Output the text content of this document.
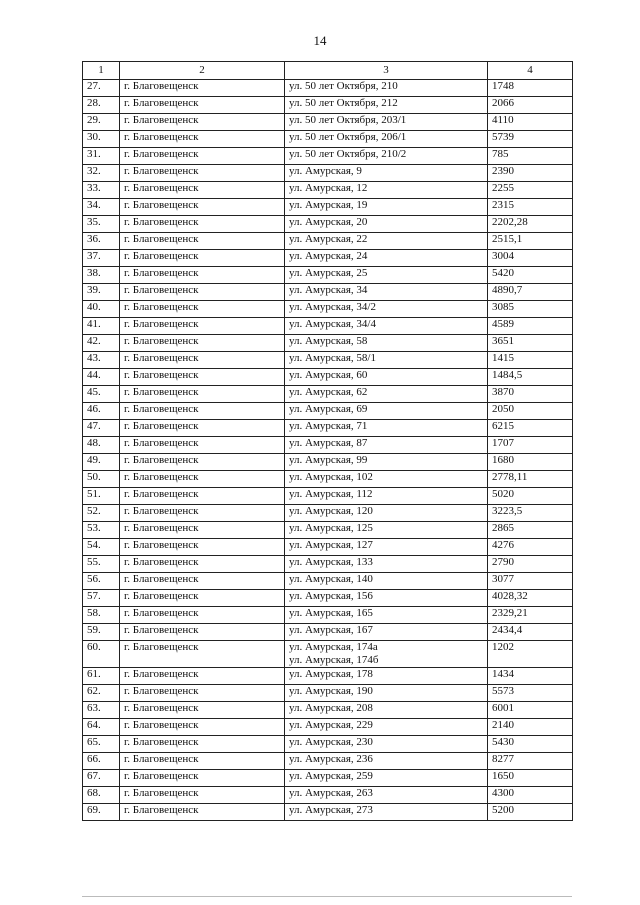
14
1	2	3	4
27.	г. Благовещенск	ул. 50 лет Октября, 210	1748
28.	г. Благовещенск	ул. 50 лет Октября, 212	2066
29.	г. Благовещенск	ул. 50 лет Октября, 203/1	4110
30.	г. Благовещенск	ул. 50 лет Октября, 206/1	5739
31.	г. Благовещенск	ул. 50 лет Октября, 210/2	785
32.	г. Благовещенск	ул. Амурская, 9	2390
33.	г. Благовещенск	ул. Амурская, 12	2255
34.	г. Благовещенск	ул. Амурская, 19	2315
35.	г. Благовещенск	ул. Амурская, 20	2202,28
36.	г. Благовещенск	ул. Амурская, 22	2515,1
37.	г. Благовещенск	ул. Амурская, 24	3004
38.	г. Благовещенск	ул. Амурская, 25	5420
39.	г. Благовещенск	ул. Амурская, 34	4890,7
40.	г. Благовещенск	ул. Амурская, 34/2	3085
41.	г. Благовещенск	ул. Амурская, 34/4	4589
42.	г. Благовещенск	ул. Амурская, 58	3651
43.	г. Благовещенск	ул. Амурская, 58/1	1415
44.	г. Благовещенск	ул. Амурская, 60	1484,5
45.	г. Благовещенск	ул. Амурская, 62	3870
46.	г. Благовещенск	ул. Амурская, 69	2050
47.	г. Благовещенск	ул. Амурская, 71	6215
48.	г. Благовещенск	ул. Амурская, 87	1707
49.	г. Благовещенск	ул. Амурская, 99	1680
50.	г. Благовещенск	ул. Амурская, 102	2778,11
51.	г. Благовещенск	ул. Амурская, 112	5020
52.	г. Благовещенск	ул. Амурская, 120	3223,5
53.	г. Благовещенск	ул. Амурская, 125	2865
54.	г. Благовещенск	ул. Амурская, 127	4276
55.	г. Благовещенск	ул. Амурская, 133	2790
56.	г. Благовещенск	ул. Амурская, 140	3077
57.	г. Благовещенск	ул. Амурская, 156	4028,32
58.	г. Благовещенск	ул. Амурская, 165	2329,21
59.	г. Благовещенск	ул. Амурская, 167	2434,4
60.	г. Благовещенск	ул. Амурская, 174а
ул. Амурская, 174б	1202
61.	г. Благовещенск	ул. Амурская, 178	1434
62.	г. Благовещенск	ул. Амурская, 190	5573
63.	г. Благовещенск	ул. Амурская, 208	6001
64.	г. Благовещенск	ул. Амурская, 229	2140
65.	г. Благовещенск	ул. Амурская, 230	5430
66.	г. Благовещенск	ул. Амурская, 236	8277
67.	г. Благовещенск	ул. Амурская, 259	1650
68.	г. Благовещенск	ул. Амурская, 263	4300
69.	г. Благовещенск	ул. Амурская, 273	5200
